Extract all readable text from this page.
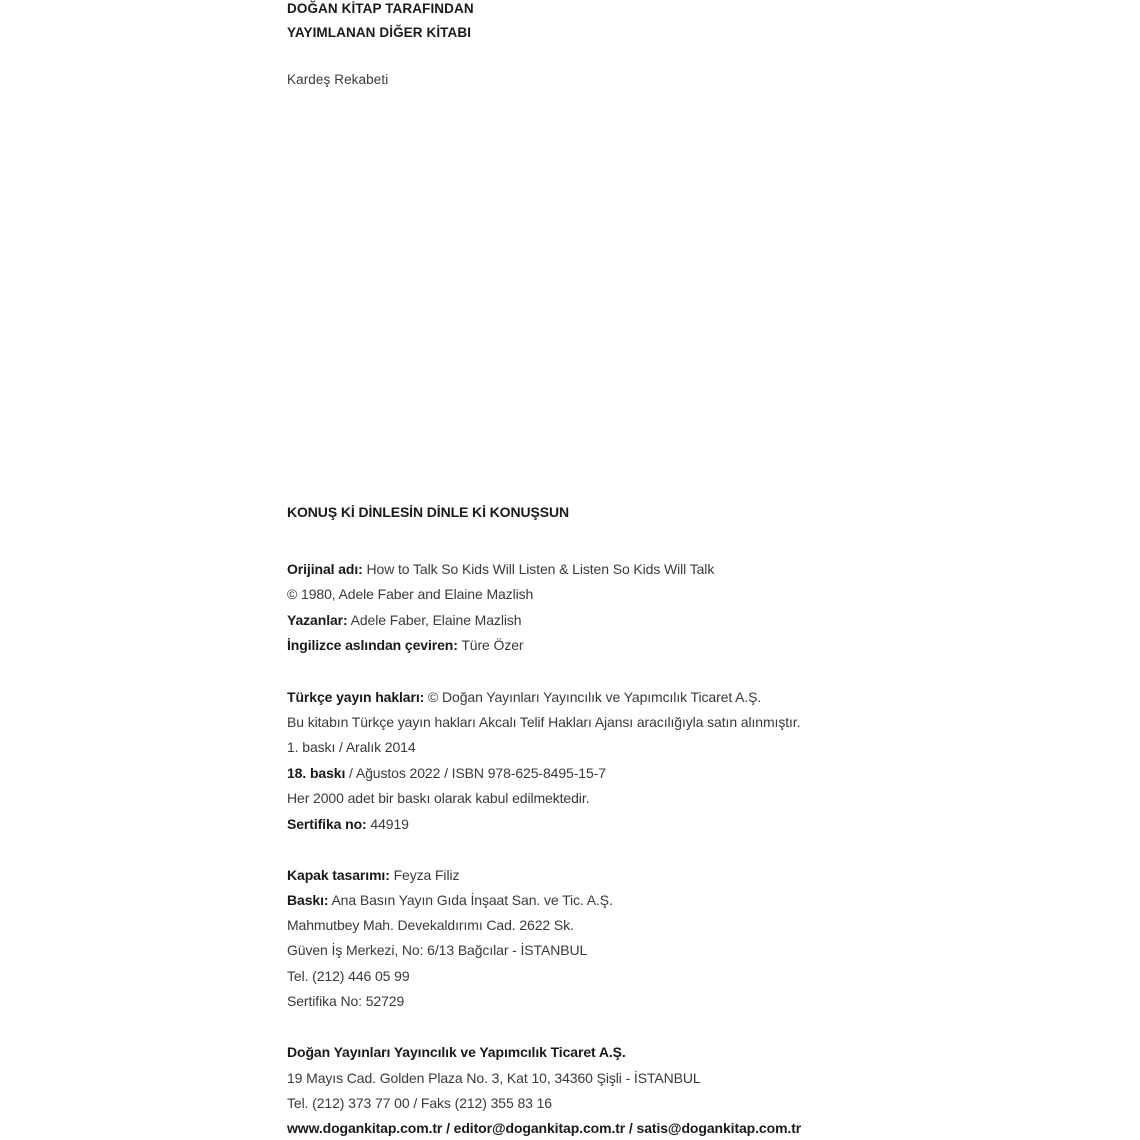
DOĞAN KİTAP TARAFINDAN
YAYIMLANAN DİĞER KİTABI
Kardeş Rekabeti
KONUŞ Kİ DİNLESİN DİNLE Kİ KONUŞSUN
Orijinal adı: How to Talk So Kids Will Listen & Listen So Kids Will Talk
© 1980, Adele Faber and Elaine Mazlish
Yazanlar: Adele Faber, Elaine Mazlish
İngilizce aslından çeviren: Türe Özer
Türkçe yayın hakları: © Doğan Yayınları Yayıncılık ve Yapımcılık Ticaret A.Ş.
Bu kitabın Türkçe yayın hakları Akcalı Telif Hakları Ajansı aracılığıyla satın alınmıştır.
1. baskı / Aralık 2014
18. baskı / Ağustos 2022 / ISBN 978-625-8495-15-7
Her 2000 adet bir baskı olarak kabul edilmektedir.
Sertifika no: 44919
Kapak tasarımı: Feyza Filiz
Baskı: Ana Basın Yayın Gıda İnşaat San. ve Tic. A.Ş.
Mahmutbey Mah. Devekaldırımı Cad. 2622 Sk.
Güven İş Merkezi, No: 6/13 Bağcılar - İSTANBUL
Tel. (212) 446 05 99
Sertifika No: 52729
Doğan Yayınları Yayıncılık ve Yapımcılık Ticaret A.Ş.
19 Mayıs Cad. Golden Plaza No. 3, Kat 10, 34360 Şişli - İSTANBUL
Tel. (212) 373 77 00 / Faks (212) 355 83 16
www.dogankitap.com.tr / editor@dogankitap.com.tr / satis@dogankitap.com.tr
